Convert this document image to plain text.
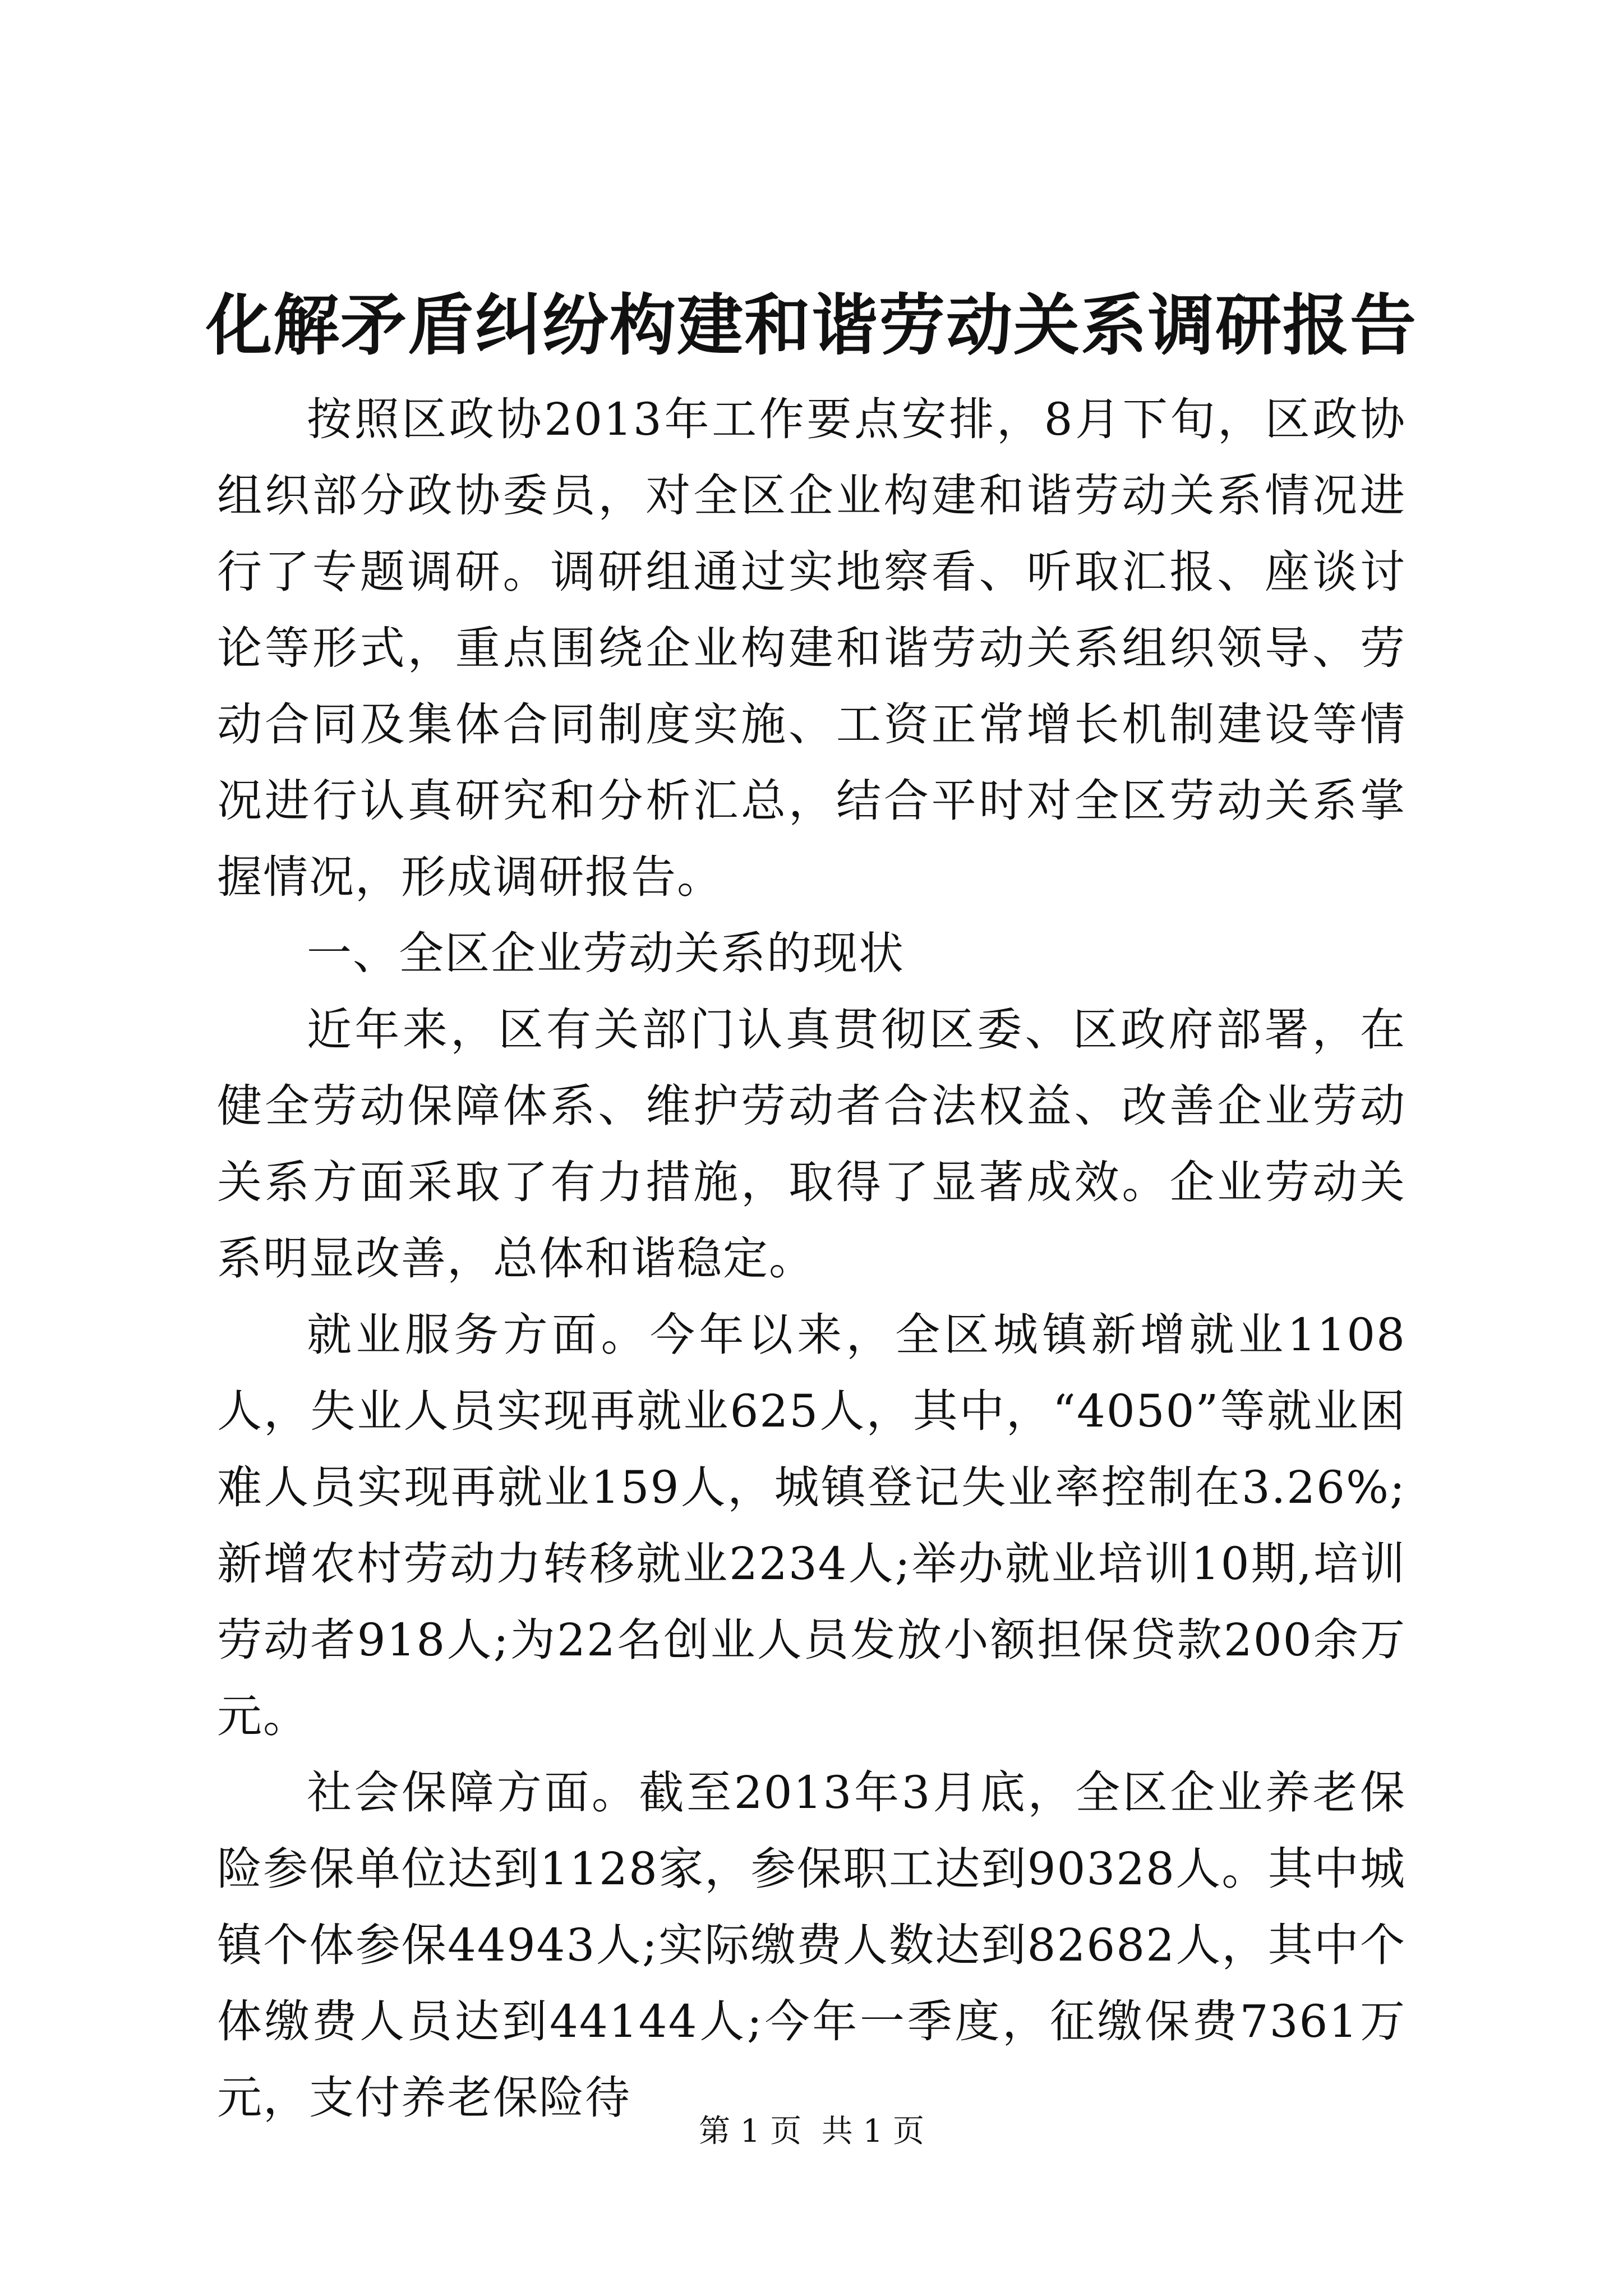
化解矛盾纠纷构建和谐劳动关系调研报告

按照区政协2013年工作要点安排，8月下旬，区政协组织部分政协委员，对全区企业构建和谐劳动关系情况进行了专题调研。调研组通过实地察看、听取汇报、座谈讨论等形式，重点围绕企业构建和谐劳动关系组织领导、劳动合同及集体合同制度实施、工资正常增长机制建设等情况进行认真研究和分析汇总，结合平时对全区劳动关系掌握情况，形成调研报告。

一、全区企业劳动关系的现状

近年来，区有关部门认真贯彻区委、区政府部署，在健全劳动保障体系、维护劳动者合法权益、改善企业劳动关系方面采取了有力措施，取得了显著成效。企业劳动关系明显改善，总体和谐稳定。

就业服务方面。今年以来，全区城镇新增就业1108人，失业人员实现再就业625人，其中，“4050”等就业困难人员实现再就业159人，城镇登记失业率控制在3.26%;新增农村劳动力转移就业2234人;举办就业培训10期,培训劳动者918人;为22名创业人员发放小额担保贷款200余万元。

社会保障方面。截至2013年3月底，全区企业养老保险参保单位达到1128家，参保职工达到90328人。其中城镇个体参保44943人;实际缴费人数达到82682人，其中个体缴费人员达到44144人;今年一季度，征缴保费7361万元，支付养老保险待

第 1 页  共 1 页
